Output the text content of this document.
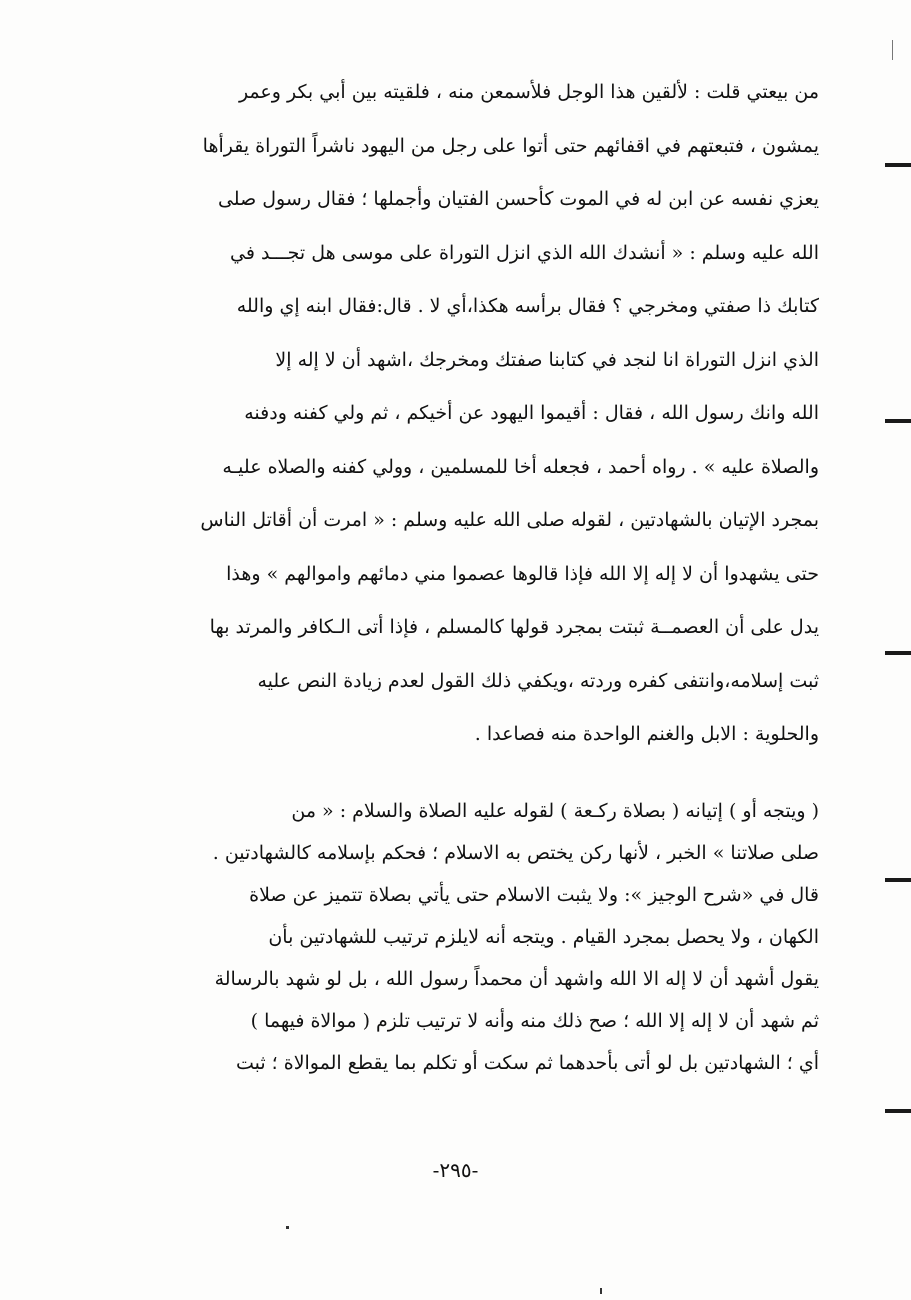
من بيعتي قلت : لألقين هذا الوجل فلأسمعن منه ، فلقيته بين أبي بكر وعمر
يمشون ، فتبعتهم في اقفائهم حتى أتوا على رجل من اليهود ناشراً التوراة يقرأها
يعزي نفسه عن ابن له في الموت كأحسن الفتيان وأجملها ؛ فقال رسول صلى
الله عليه وسلم : « أنشدك الله الذي انزل التوراة على موسى هل تجـــد في
كتابك ذا صفتي ومخرجي ؟ فقال برأسه هكذا،أي لا . قال:فقال ابنه إي والله
الذي انزل التوراة انا لنجد في كتابنا صفتك ومخرجك ،اشهد أن لا إله إلا
الله وانك رسول الله ، فقال : أقيموا اليهود عن أخيكم ، ثم ولي كفنه ودفنه
والصلاة عليه » . رواه أحمد ، فجعله أخا للمسلمين ، وولي كفنه والصلاه عليـه
بمجرد الإتيان بالشهادتين ، لقوله صلى الله عليه وسلم : « امرت أن أقاتل الناس
حتى يشهدوا أن لا إله إلا الله فإذا قالوها عصموا مني دمائهم واموالهم » وهذا
يدل على أن العصمــة ثبتت بمجرد قولها كالمسلم ، فإذا أتى الـكافر والمرتد بها
ثبت إسلامه،وانتفى كفره وردته ،ويكفي ذلك القول لعدم زيادة النص عليه
والحلوية : الابل والغنم الواحدة منه فصاعدا .
( ويتجه أو ) إتيانه ( بصلاة ركـعة ) لقوله عليه الصلاة والسلام : « من
صلى صلاتنا » الخبر ، لأنها ركن يختص به الاسلام ؛ فحكم بإسلامه كالشهادتين .
قال في «شرح الوجيز »: ولا يثبت الاسلام حتى يأتي بصلاة تتميز عن صلاة
الكهان ، ولا يحصل بمجرد القيام . ويتجه أنه لايلزم ترتيب للشهادتين بأن
يقول أشهد أن لا إله الا الله واشهد أن محمداً رسول الله ، بل لو شهد بالرسالة
ثم شهد أن لا إله إلا الله ؛ صح ذلك منه وأنه لا ترتيب تلزم ( موالاة فيهما )
أي ؛ الشهادتين بل لو أتى بأحدهما ثم سكت أو تكلم بما يقطع الموالاة ؛ ثبت
-٢٩٥-
